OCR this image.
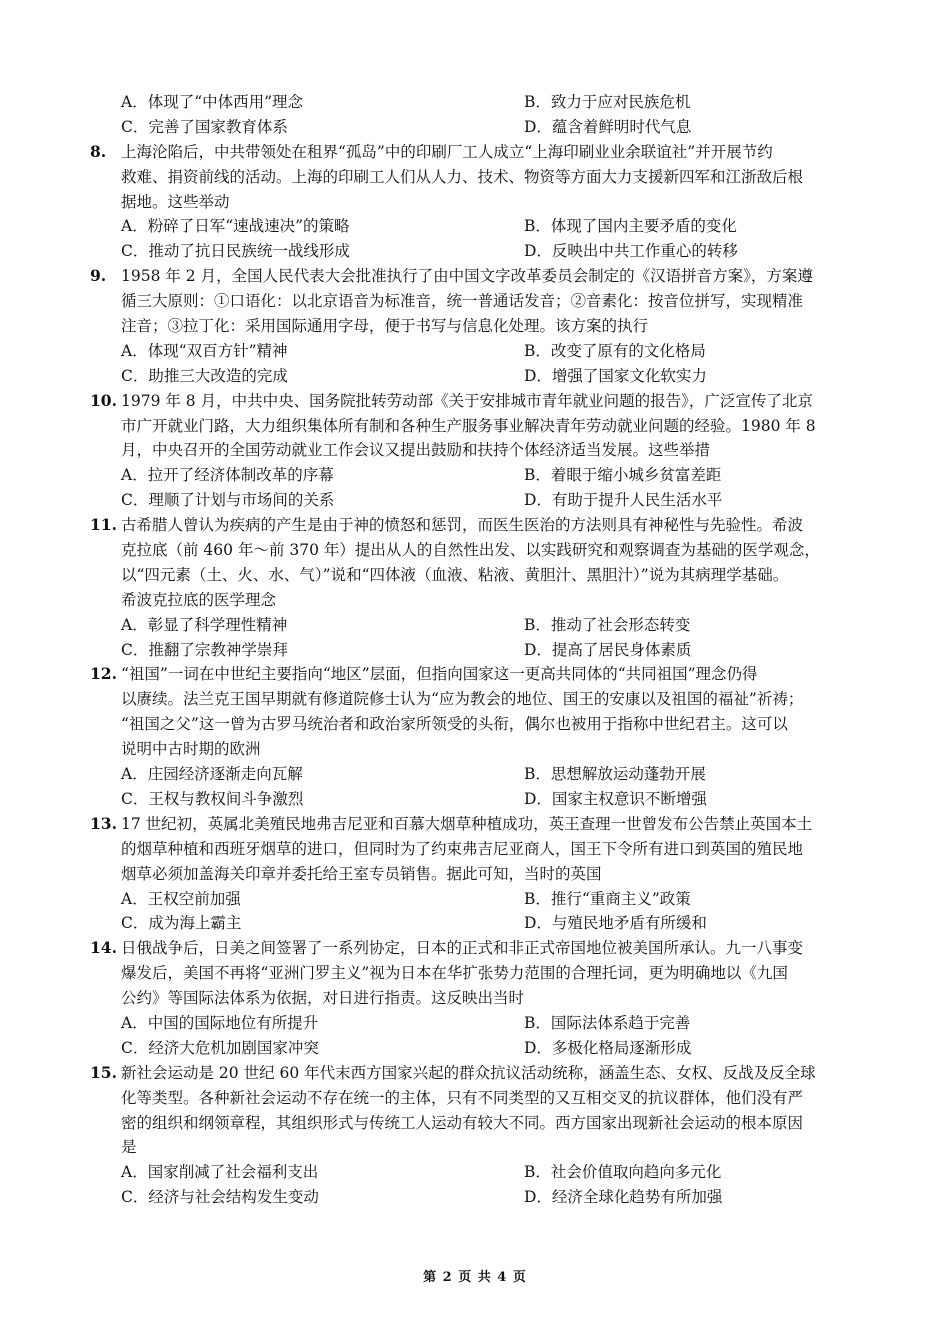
A．体现了“中体西用”理念	B．致力于应对民族危机
C．完善了国家教育体系	D．蕴含着鲜明时代气息
8. 上海沦陷后，中共带领处在租界“孤岛”中的印刷厂工人成立“上海印刷业业余联谊社”并开展节约
救难、捐资前线的活动。上海的印刷工人们从人力、技术、物资等方面大力支援新四军和江浙敌后根
据地。这些举动
A．粉碎了日军“速战速决”的策略	B．体现了国内主要矛盾的变化
C．推动了抗日民族统一战线形成	D．反映出中共工作重心的转移
9. 1958 年 2 月，全国人民代表大会批准执行了由中国文字改革委员会制定的《汉语拼音方案》，方案遵
循三大原则：①口语化：以北京语音为标准音，统一普通话发音；②音素化：按音位拼写，实现精准
注音；③拉丁化：采用国际通用字母，便于书写与信息化处理。该方案的执行
A．体现“双百方针”精神	B．改变了原有的文化格局
C．助推三大改造的完成	D．增强了国家文化软实力
10. 1979 年 8 月，中共中央、国务院批转劳动部《关于安排城市青年就业问题的报告》，广泛宣传了北京
市广开就业门路，大力组织集体所有制和各种生产服务事业解决青年劳动就业问题的经验。1980 年 8
月，中央召开的全国劳动就业工作会议又提出鼓励和扶持个体经济适当发展。这些举措
A．拉开了经济体制改革的序幕	B．着眼于缩小城乡贫富差距
C．理顺了计划与市场间的关系	D．有助于提升人民生活水平
11. 古希腊人曾认为疾病的产生是由于神的愤怒和惩罚，而医生医治的方法则具有神秘性与先验性。希波
克拉底（前 460 年～前 370 年）提出从人的自然性出发、以实践研究和观察调查为基础的医学观念，
以“四元素（土、火、水、气）”说和“四体液（血液、粘液、黄胆汁、黑胆汁）”说为其病理学基础。
希波克拉底的医学理念
A．彰显了科学理性精神	B．推动了社会形态转变
C．推翻了宗教神学崇拜	D．提高了居民身体素质
12. “祖国”一词在中世纪主要指向“地区”层面，但指向国家这一更高共同体的“共同祖国”理念仍得
以赓续。法兰克王国早期就有修道院修士认为“应为教会的地位、国王的安康以及祖国的福祉”祈祷；
“祖国之父”这一曾为古罗马统治者和政治家所领受的头衔，偶尔也被用于指称中世纪君主。这可以
说明中古时期的欧洲
A．庄园经济逐渐走向瓦解	B．思想解放运动蓬勃开展
C．王权与教权间斗争激烈	D．国家主权意识不断增强
13. 17 世纪初，英属北美殖民地弗吉尼亚和百慕大烟草种植成功，英王查理一世曾发布公告禁止英国本土
的烟草种植和西班牙烟草的进口，但同时为了约束弗吉尼亚商人，国王下令所有进口到英国的殖民地
烟草必须加盖海关印章并委托给王室专员销售。据此可知，当时的英国
A．王权空前加强	B．推行“重商主义”政策
C．成为海上霸主	D．与殖民地矛盾有所缓和
14. 日俄战争后，日美之间签署了一系列协定，日本的正式和非正式帝国地位被美国所承认。九一八事变
爆发后，美国不再将“亚洲门罗主义”视为日本在华扩张势力范围的合理托词，更为明确地以《九国
公约》等国际法体系为依据，对日进行指责。这反映出当时
A．中国的国际地位有所提升	B．国际法体系趋于完善
C．经济大危机加剧国家冲突	D．多极化格局逐渐形成
15. 新社会运动是 20 世纪 60 年代末西方国家兴起的群众抗议活动统称，涵盖生态、女权、反战及反全球
化等类型。各种新社会运动不存在统一的主体，只有不同类型的又互相交叉的抗议群体，他们没有严
密的组织和纲领章程，其组织形式与传统工人运动有较大不同。西方国家出现新社会运动的根本原因
是
A．国家削减了社会福利支出	B．社会价值取向趋向多元化
C．经济与社会结构发生变动	D．经济全球化趋势有所加强
第 2 页 共 4 页
